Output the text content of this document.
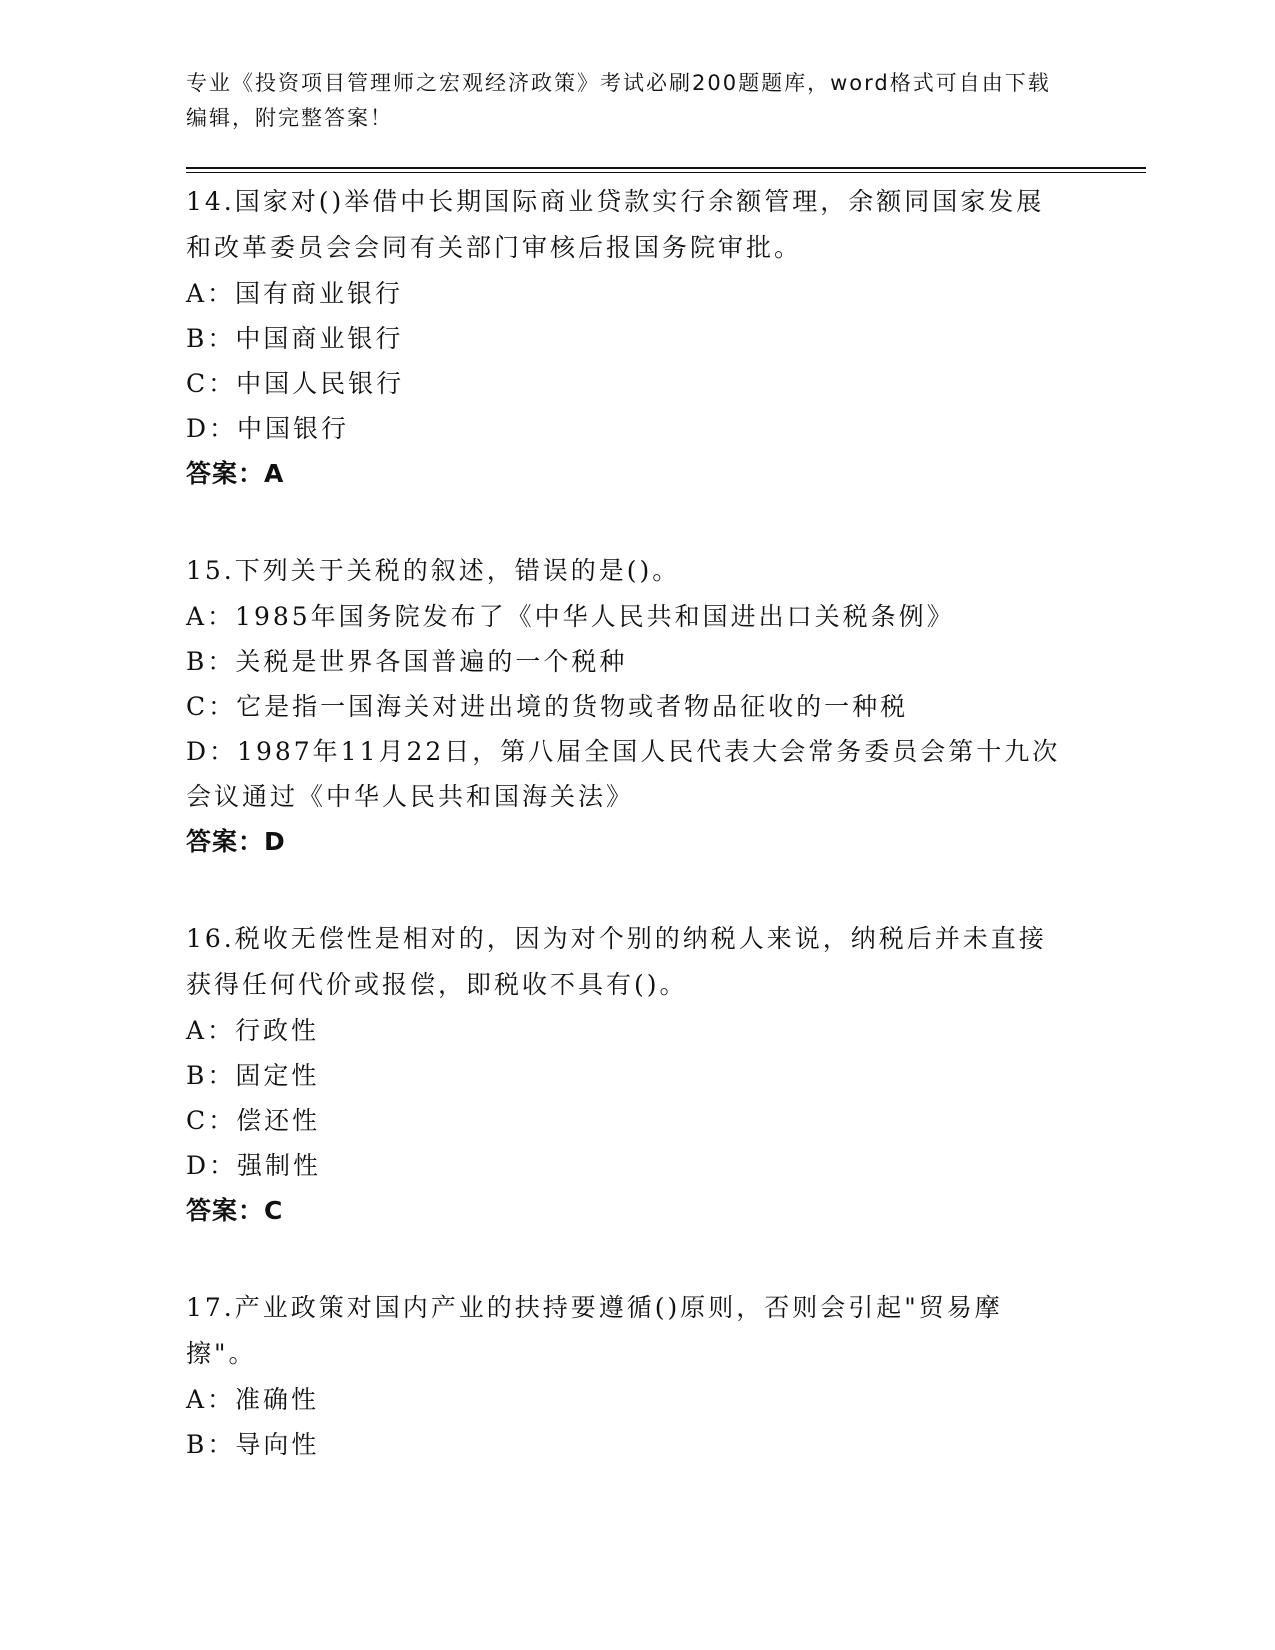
专业《投资项目管理师之宏观经济政策》考试必刷200题题库，word格式可自由下载编辑，附完整答案！
14.国家对()举借中长期国际商业贷款实行余额管理，余额同国家发展和改革委员会会同有关部门审核后报国务院审批。
A：国有商业银行
B：中国商业银行
C：中国人民银行
D：中国银行
答案：A
15.下列关于关税的叙述，错误的是()。
A：1985年国务院发布了《中华人民共和国进出口关税条例》
B：关税是世界各国普遍的一个税种
C：它是指一国海关对进出境的货物或者物品征收的一种税
D：1987年11月22日，第八届全国人民代表大会常务委员会第十九次会议通过《中华人民共和国海关法》
答案：D
16.税收无偿性是相对的，因为对个别的纳税人来说，纳税后并未直接获得任何代价或报偿，即税收不具有()。
A：行政性
B：固定性
C：偿还性
D：强制性
答案：C
17.产业政策对国内产业的扶持要遵循()原则，否则会引起"贸易摩擦"。
A：准确性
B：导向性
